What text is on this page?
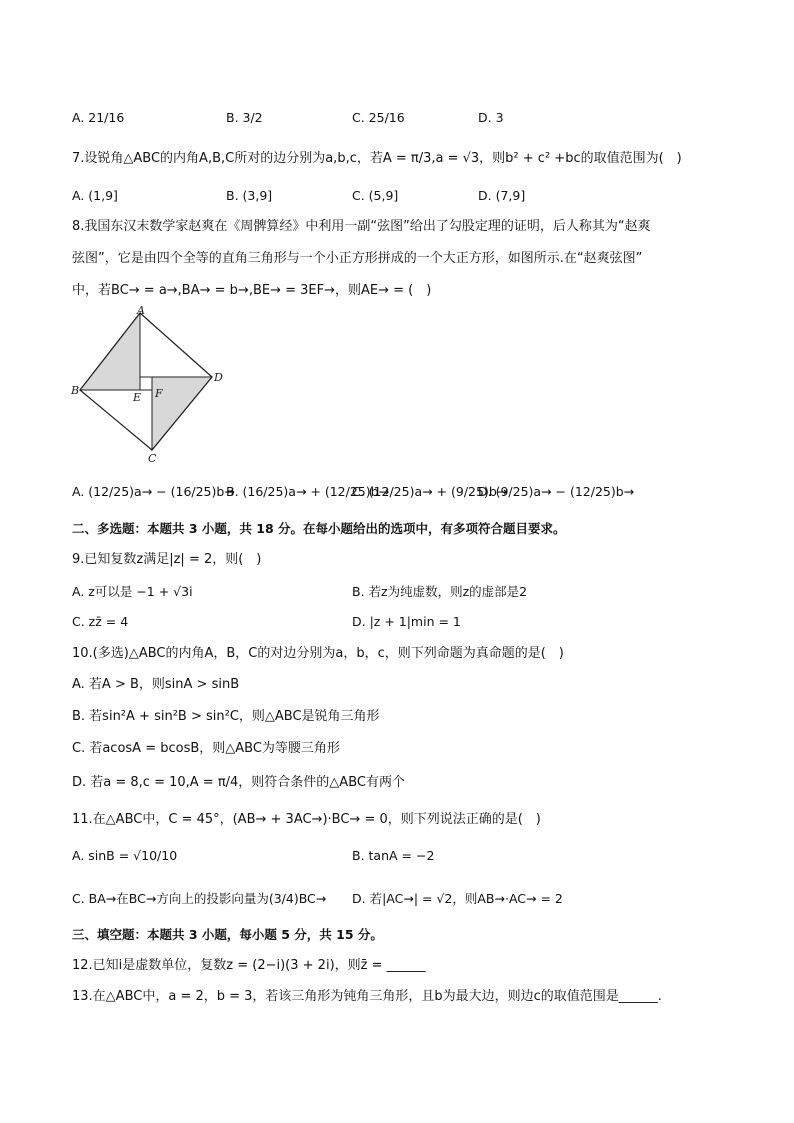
A. 21/16	B. 3/2	C. 25/16	D. 3
7.设锐角△ABC的内角A,B,C所对的边分别为a,b,c，若A = π/3,a = √3，则b² + c² +bc的取值范围为(　)
A. (1,9]	B. (3,9]	C. (5,9]	D. (7,9]
8.我国东汉末数学家赵爽在《周髀算经》中利用一副“弦图”给出了勾股定理的证明，后人称其为“赵爽
弦图”，它是由四个全等的直角三角形与一个小正方形拼成的一个大正方形，如图所示.在“赵爽弦图”
中，若BC→ = a→,BA→ = b→,BE→ = 3EF→，则AE→ = (　)
A
B
C
D
E F
A. (12/25)a→ − (16/25)b→
B. (16/25)a→ + (12/25)b→
C. (12/25)a→ + (9/25)b→
D. (9/25)a→ − (12/25)b→
二、多选题：本题共 3 小题，共 18 分。在每小题给出的选项中，有多项符合题目要求。
9.已知复数z满足|z| = 2，则(　)
A. z可以是 −1 + √3i	B. 若z为纯虚数，则z的虚部是2
C. zz̄ = 4	D. |z + 1|min = 1
10.(多选)△ABC的内角A，B，C的对边分别为a，b，c，则下列命题为真命题的是(　)
A. 若A > B，则sinA > sinB
B. 若sin²A + sin²B > sin²C，则△ABC是锐角三角形
C. 若acosA = bcosB，则△ABC为等腰三角形
D. 若a = 8,c = 10,A = π/4，则符合条件的△ABC有两个
11.在△ABC中，C = 45°，(AB→ + 3AC→)·BC→ = 0，则下列说法正确的是(　)
A. sinB = √10/10	B. tanA = −2
C. BA→在BC→方向上的投影向量为(3/4)BC→ D. 若|AC→| = √2，则AB→·AC→ = 2
三、填空题：本题共 3 小题，每小题 5 分，共 15 分。
12.已知i是虚数单位，复数z = (2−i)(3 + 2i)，则z̄ = ______
13.在△ABC中，a = 2，b = 3，若该三角形为钝角三角形，且b为最大边，则边c的取值范围是______.
